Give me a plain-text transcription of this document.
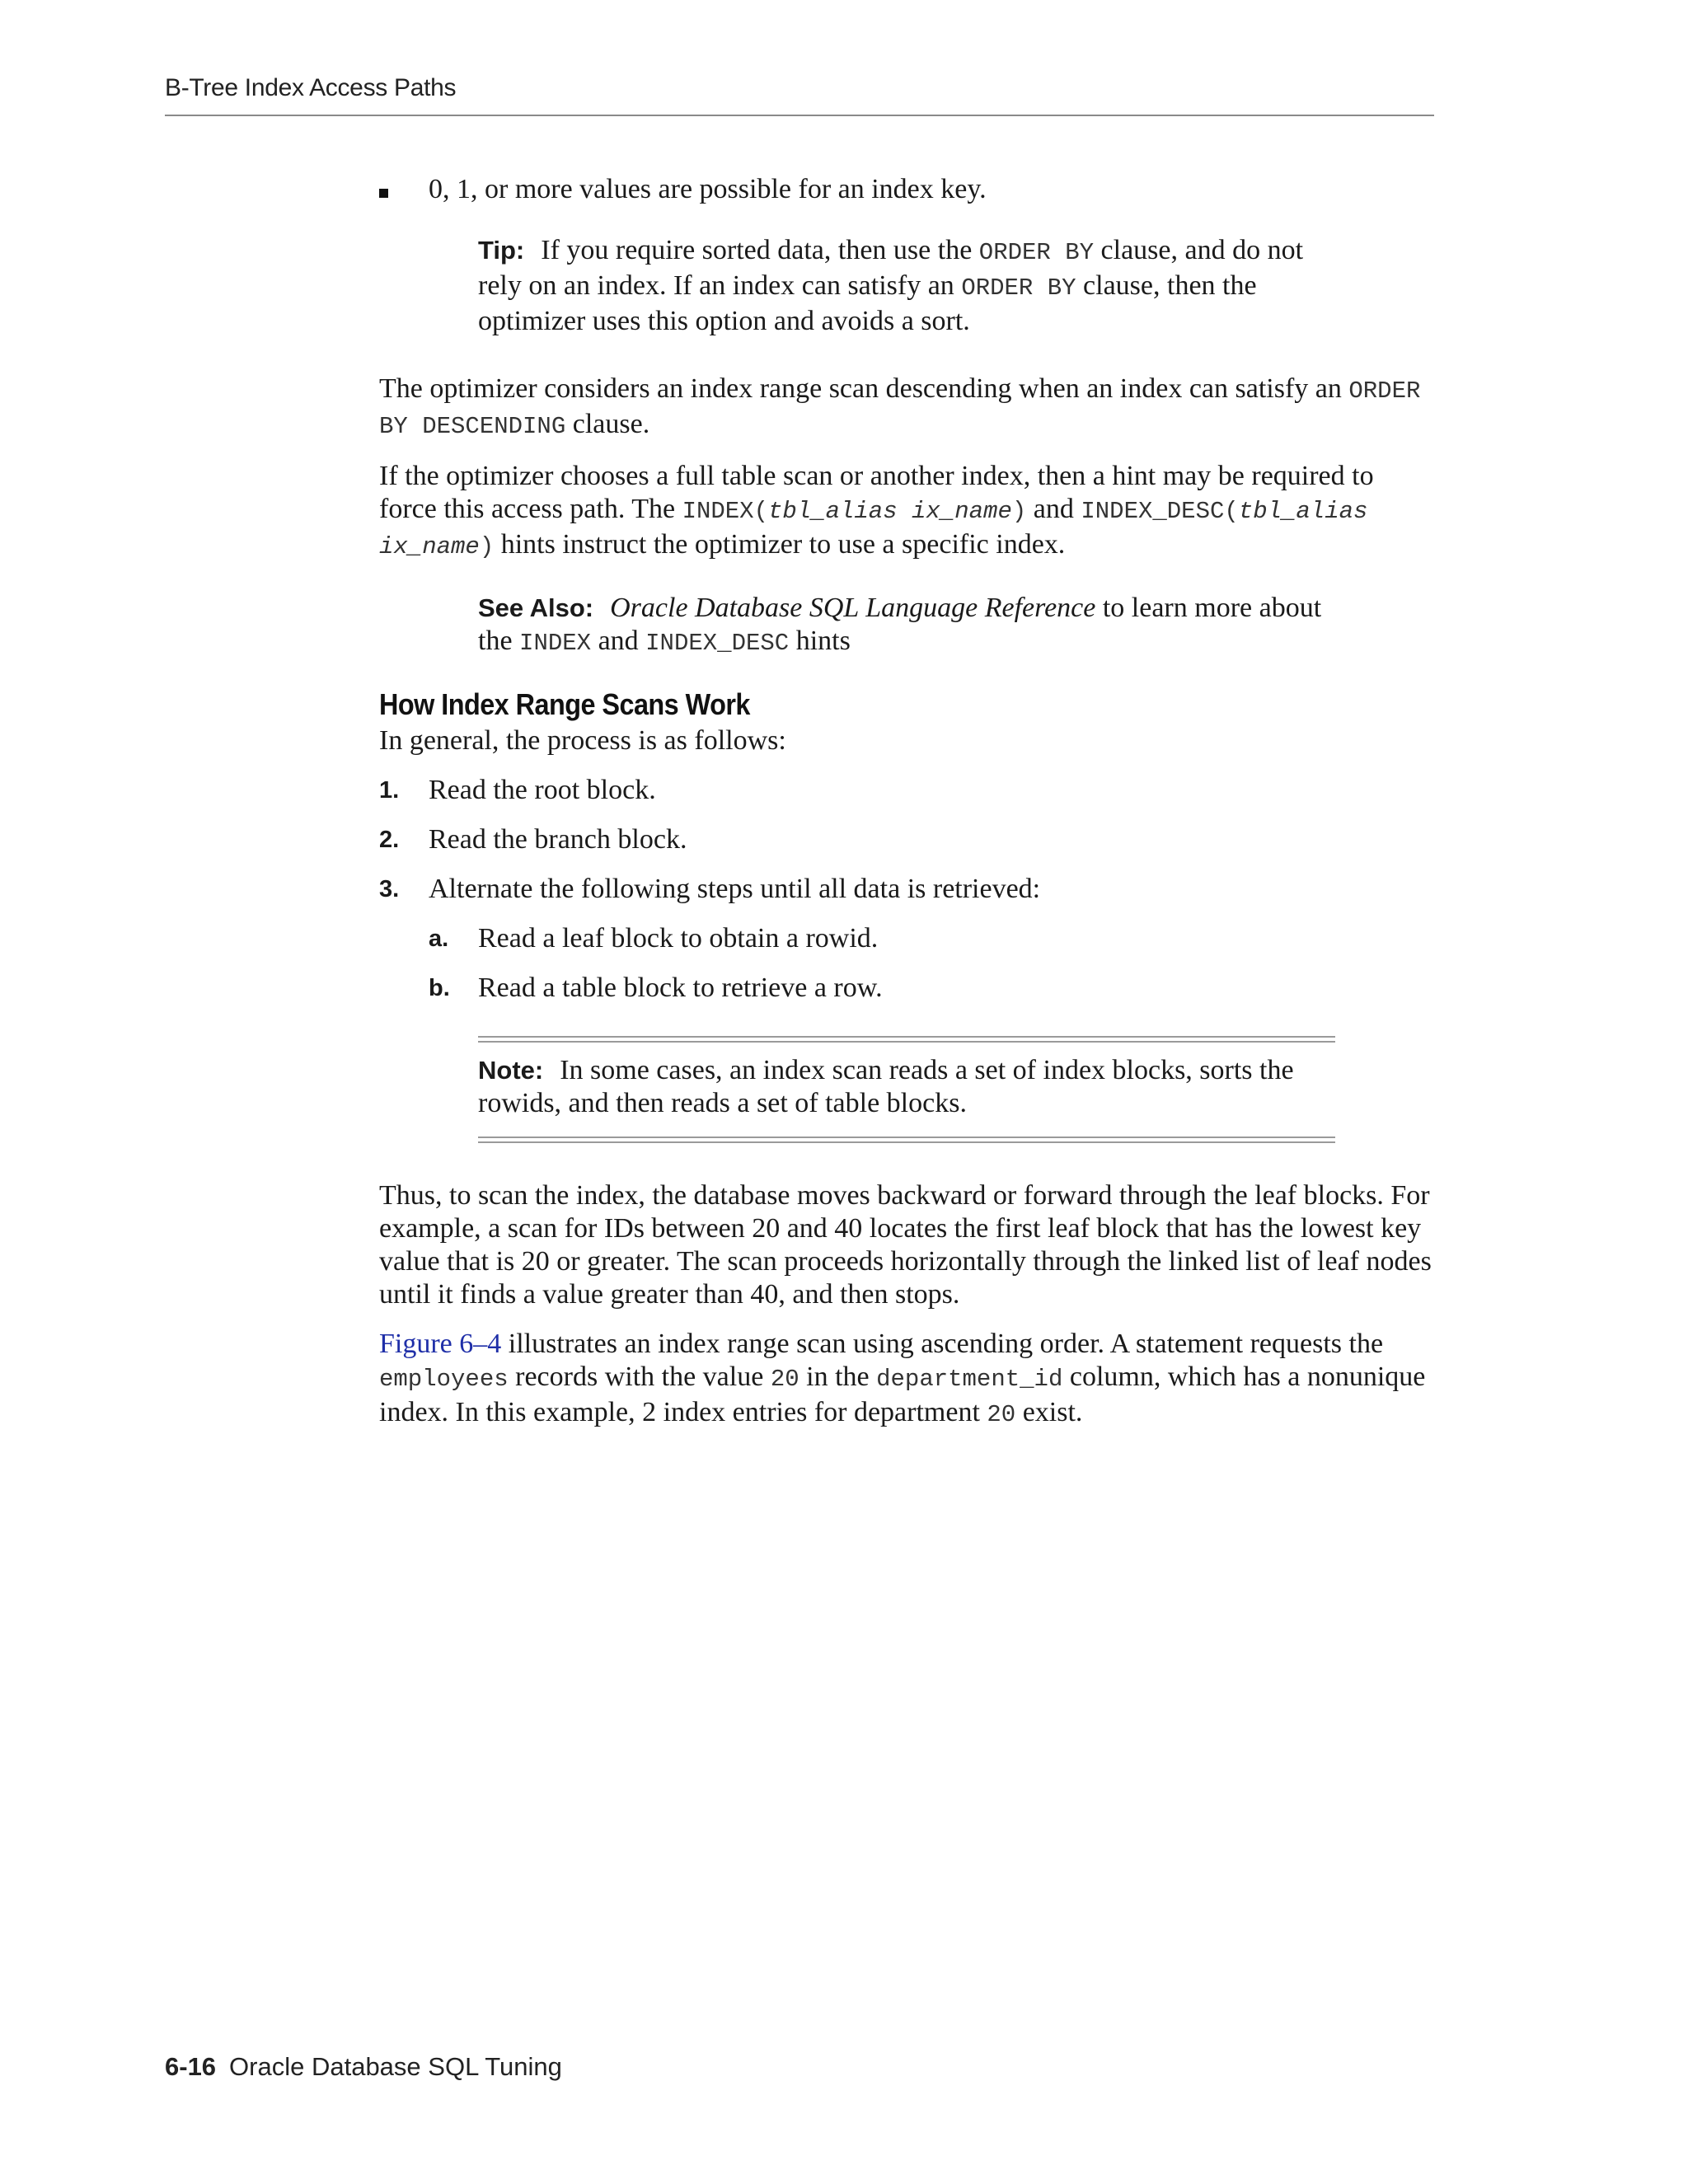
B-Tree Index Access Paths
0, 1, or more values are possible for an index key.

Tip: If you require sorted data, then use the ORDER BY clause, and do not rely on an index. If an index can satisfy an ORDER BY clause, then the optimizer uses this option and avoids a sort.

The optimizer considers an index range scan descending when an index can satisfy an ORDER BY DESCENDING clause.

If the optimizer chooses a full table scan or another index, then a hint may be required to force this access path. The INDEX(tbl_alias ix_name) and INDEX_DESC(tbl_alias ix_name) hints instruct the optimizer to use a specific index.

See Also: Oracle Database SQL Language Reference to learn more about the INDEX and INDEX_DESC hints

How Index Range Scans Work

In general, the process is as follows:

1.	Read the root block.
2.	Read the branch block.
3.	Alternate the following steps until all data is retrieved:
a.	Read a leaf block to obtain a rowid.
b.	Read a table block to retrieve a row.

Note: In some cases, an index scan reads a set of index blocks, sorts the rowids, and then reads a set of table blocks.

Thus, to scan the index, the database moves backward or forward through the leaf blocks. For example, a scan for IDs between 20 and 40 locates the first leaf block that has the lowest key value that is 20 or greater. The scan proceeds horizontally through the linked list of leaf nodes until it finds a value greater than 40, and then stops.

Figure 6–4 illustrates an index range scan using ascending order. A statement requests the employees records with the value 20 in the department_id column, which has a nonunique index. In this example, 2 index entries for department 20 exist.

6-16 Oracle Database SQL Tuning
